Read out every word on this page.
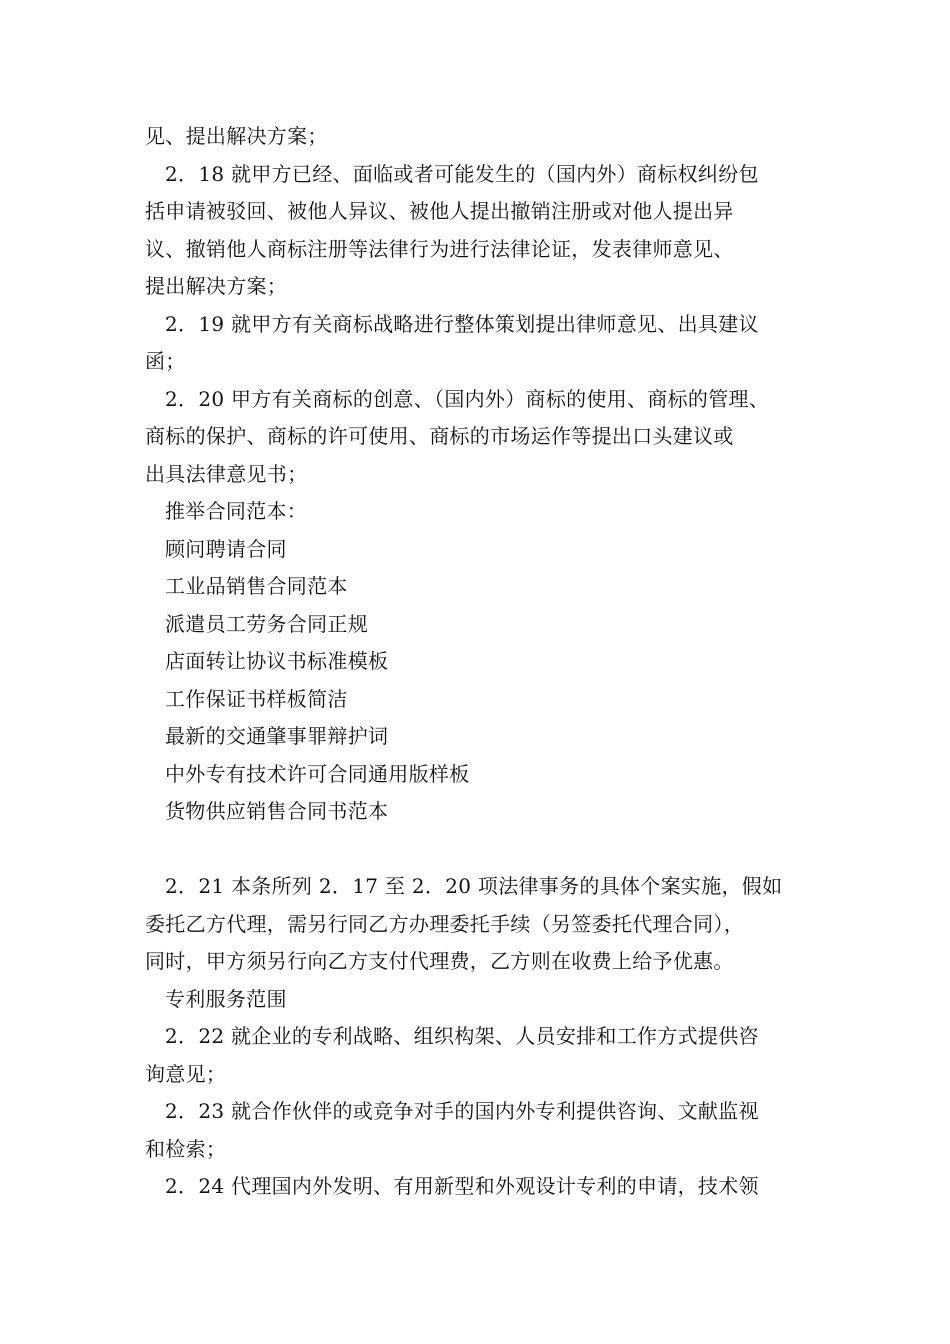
见、提出解决方案；
2．18 就甲方已经、面临或者可能发生的（国内外）商标权纠纷包
括申请被驳回、被他人异议、被他人提出撤销注册或对他人提出异
议、撤销他人商标注册等法律行为进行法律论证，发表律师意见、
提出解决方案；
2．19 就甲方有关商标战略进行整体策划提出律师意见、出具建议
函；
2．20 甲方有关商标的创意、（国内外）商标的使用、商标的管理、
商标的保护、商标的许可使用、商标的市场运作等提出口头建议或
出具法律意见书；
推举合同范本：
顾问聘请合同
工业品销售合同范本
派遣员工劳务合同正规
店面转让协议书标准模板
工作保证书样板简洁
最新的交通肇事罪辩护词
中外专有技术许可合同通用版样板
货物供应销售合同书范本
2．21 本条所列 2．17 至 2．20 项法律事务的具体个案实施，假如
委托乙方代理，需另行同乙方办理委托手续（另签委托代理合同），
同时，甲方须另行向乙方支付代理费，乙方则在收费上给予优惠。
专利服务范围
2．22 就企业的专利战略、组织构架、人员安排和工作方式提供咨
询意见；
2．23 就合作伙伴的或竞争对手的国内外专利提供咨询、文献监视
和检索；
2．24 代理国内外发明、有用新型和外观设计专利的申请，技术领
